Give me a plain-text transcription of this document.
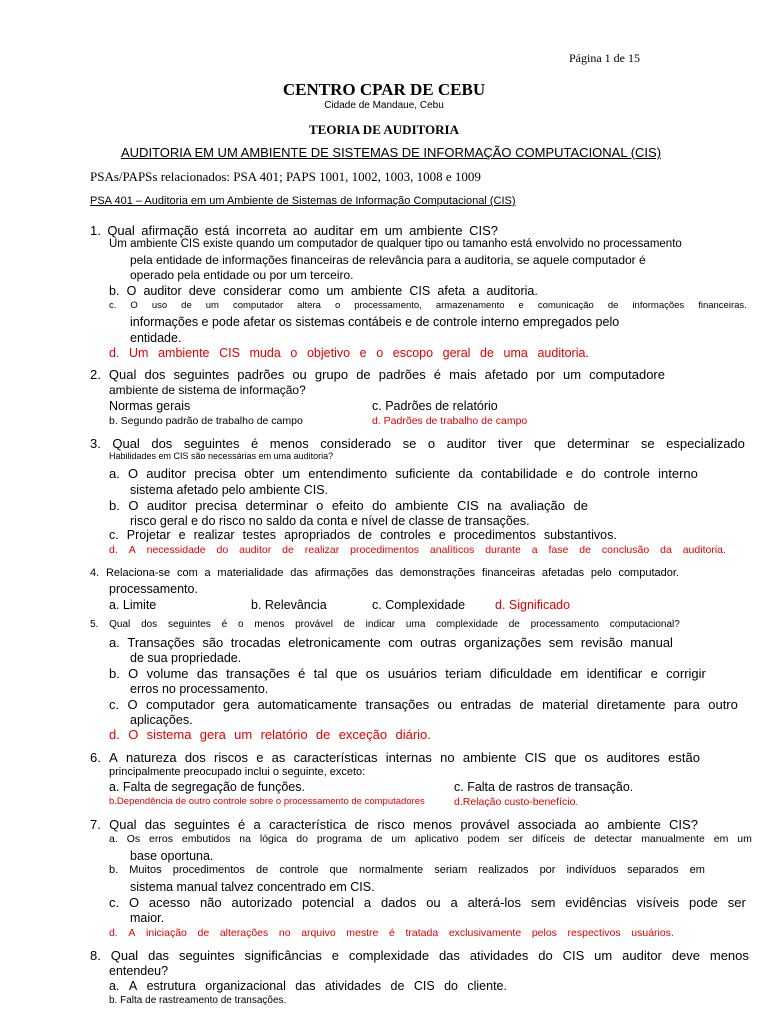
Página 1 de 15

CENTRO CPAR DE CEBU

Cidade de Mandaue, Cebu

TEORIA DE AUDITORIA

AUDITORIA EM UM AMBIENTE DE SISTEMAS DE INFORMAÇÃO COMPUTACIONAL (CIS)

PSAs/PAPSs relacionados: PSA 401; PAPS 1001, 1002, 1003, 1008 e 1009

PSA 401 – Auditoria em um Ambiente de Sistemas de Informação Computacional (CIS)

1. Qual afirmação está incorreta ao auditar em um ambiente CIS?

Um ambiente CIS existe quando um computador de qualquer tipo ou tamanho está envolvido no processamento

pela entidade de informações financeiras de relevância para a auditoria, se aquele computador é

operado pela entidade ou por um terceiro.

b. O auditor deve considerar como um ambiente CIS afeta a auditoria.
c. O uso de um computador altera o processamento, armazenamento e comunicação de informações financeiras.

informações e pode afetar os sistemas contábeis e de controle interno empregados pelo

entidade.

d. Um ambiente CIS muda o objetivo e o escopo geral de uma auditoria.
2. Qual dos seguintes padrões ou grupo de padrões é mais afetado por um computadore

ambiente de sistema de informação?

Normas gerais	c. Padrões de relatório

b. Segundo padrão de trabalho de campo	d. Padrões de trabalho de campo

3. Qual dos seguintes é menos considerado se o auditor tiver que determinar se especializado

Habilidades em CIS são necessárias em uma auditoria?

a. O auditor precisa obter um entendimento suficiente da contabilidade e do controle interno

sistema afetado pelo ambiente CIS.

b. O auditor precisa determinar o efeito do ambiente CIS na avaliação de

risco geral e do risco no saldo da conta e nível de classe de transações.

c. Projetar e realizar testes apropriados de controles e procedimentos substantivos.
d. A necessidade do auditor de realizar procedimentos analíticos durante a fase de conclusão da auditoria.
4. Relaciona-se com a materialidade das afirmações das demonstrações financeiras afetadas pelo computador.

processamento.

a. Limite	b. Relevância	c. Complexidade d. Significado

5. Qual dos seguintes é o menos provável de indicar uma complexidade de processamento computacional?
a. Transações são trocadas eletronicamente com outras organizações sem revisão manual

de sua propriedade.

b. O volume das transações é tal que os usuários teriam dificuldade em identificar e corrigir

erros no processamento.

c. O computador gera automaticamente transações ou entradas de material diretamente para outro

aplicações.

d. O sistema gera um relatório de exceção diário.
6. A natureza dos riscos e as características internas no ambiente CIS que os auditores estão

principalmente preocupado inclui o seguinte, exceto:

a. Falta de segregação de funções.	c. Falta de rastros de transação.

b.Dependência de outro controle sobre o processamento de computadores	d.Relação custo-benefício.

7. Qual das seguintes é a característica de risco menos provável associada ao ambiente CIS?
a. Os erros embutidos na lógica do programa de um aplicativo podem ser difíceis de detectar manualmente em um

base oportuna.

b. Muitos procedimentos de controle que normalmente seriam realizados por indivíduos separados em

sistema manual talvez concentrado em CIS.

c. O acesso não autorizado potencial a dados ou a alterá-los sem evidências visíveis pode ser

maior.

d. A iniciação de alterações no arquivo mestre é tratada exclusivamente pelos respectivos usuários.
8. Qual das seguintes significâncias e complexidade das atividades do CIS um auditor deve menos

entendeu?

a. A estrutura organizacional das atividades de CIS do cliente.

b. Falta de rastreamento de transações.
